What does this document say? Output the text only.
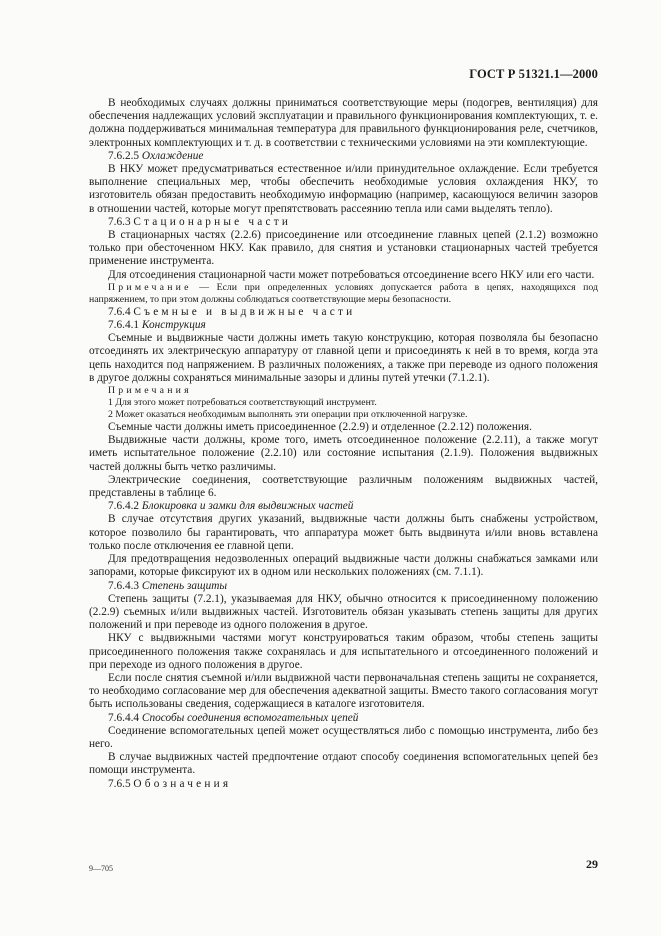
ГОСТ Р 51321.1—2000

В необходимых случаях должны приниматься соответствующие меры (подогрев, вентиляция) для обеспечения надлежащих условий эксплуатации и правильного функционирования комплектующих, т. е. должна поддерживаться минимальная температура для правильного функционирования реле, счетчиков, электронных комплектующих и т. д. в соответствии с техническими условиями на эти комплектующие.

7.6.2.5 Охлаждение

В НКУ может предусматриваться естественное и/или принудительное охлаждение. Если требуется выполнение специальных мер, чтобы обеспечить необходимые условия охлаждения НКУ, то изготовитель обязан предоставить необходимую информацию (например, касающуюся величин зазоров в отношении частей, которые могут препятствовать рассеянию тепла или сами выделять тепло).

7.6.3 Стационарные части

В стационарных частях (2.2.6) присоединение или отсоединение главных цепей (2.1.2) возможно только при обесточенном НКУ. Как правило, для снятия и установки стационарных частей требуется применение инструмента.

Для отсоединения стационарной части может потребоваться отсоединение всего НКУ или его части.

Примечание — Если при определенных условиях допускается работа в цепях, находящихся под напряжением, то при этом должны соблюдаться соответствующие меры безопасности.

7.6.4 Съемные и выдвижные части

7.6.4.1 Конструкция

Съемные и выдвижные части должны иметь такую конструкцию, которая позволяла бы безопасно отсоединять их электрическую аппаратуру от главной цепи и присоединять к ней в то время, когда эта цепь находится под напряжением. В различных положениях, а также при переводе из одного положения в другое должны сохраняться минимальные зазоры и длины путей утечки (7.1.2.1).

Примечания

1 Для этого может потребоваться соответствующий инструмент.

2 Может оказаться необходимым выполнять эти операции при отключенной нагрузке.

Съемные части должны иметь присоединенное (2.2.9) и отделенное (2.2.12) положения.

Выдвижные части должны, кроме того, иметь отсоединенное положение (2.2.11), а также могут иметь испытательное положение (2.2.10) или состояние испытания (2.1.9). Положения выдвижных частей должны быть четко различимы.

Электрические соединения, соответствующие различным положениям выдвижных частей, представлены в таблице 6.

7.6.4.2 Блокировка и замки для выдвижных частей

В случае отсутствия других указаний, выдвижные части должны быть снабжены устройством, которое позволило бы гарантировать, что аппаратура может быть выдвинута и/или вновь вставлена только после отключения ее главной цепи.

Для предотвращения недозволенных операций выдвижные части должны снабжаться замками или запорами, которые фиксируют их в одном или нескольких положениях (см. 7.1.1).

7.6.4.3 Степень защиты

Степень защиты (7.2.1), указываемая для НКУ, обычно относится к присоединенному положению (2.2.9) съемных и/или выдвижных частей. Изготовитель обязан указывать степень защиты для других положений и при переводе из одного положения в другое.

НКУ с выдвижными частями могут конструироваться таким образом, чтобы степень защиты присоединенного положения также сохранялась и для испытательного и отсоединенного положений и при переходе из одного положения в другое.

Если после снятия съемной и/или выдвижной части первоначальная степень защиты не сохраняется, то необходимо согласование мер для обеспечения адекватной защиты. Вместо такого согласования могут быть использованы сведения, содержащиеся в каталоге изготовителя.

7.6.4.4 Способы соединения вспомогательных цепей

Соединение вспомогательных цепей может осуществляться либо с помощью инструмента, либо без него.

В случае выдвижных частей предпочтение отдают способу соединения вспомогательных цепей без помощи инструмента.

7.6.5 Обозначения

9—705	29
